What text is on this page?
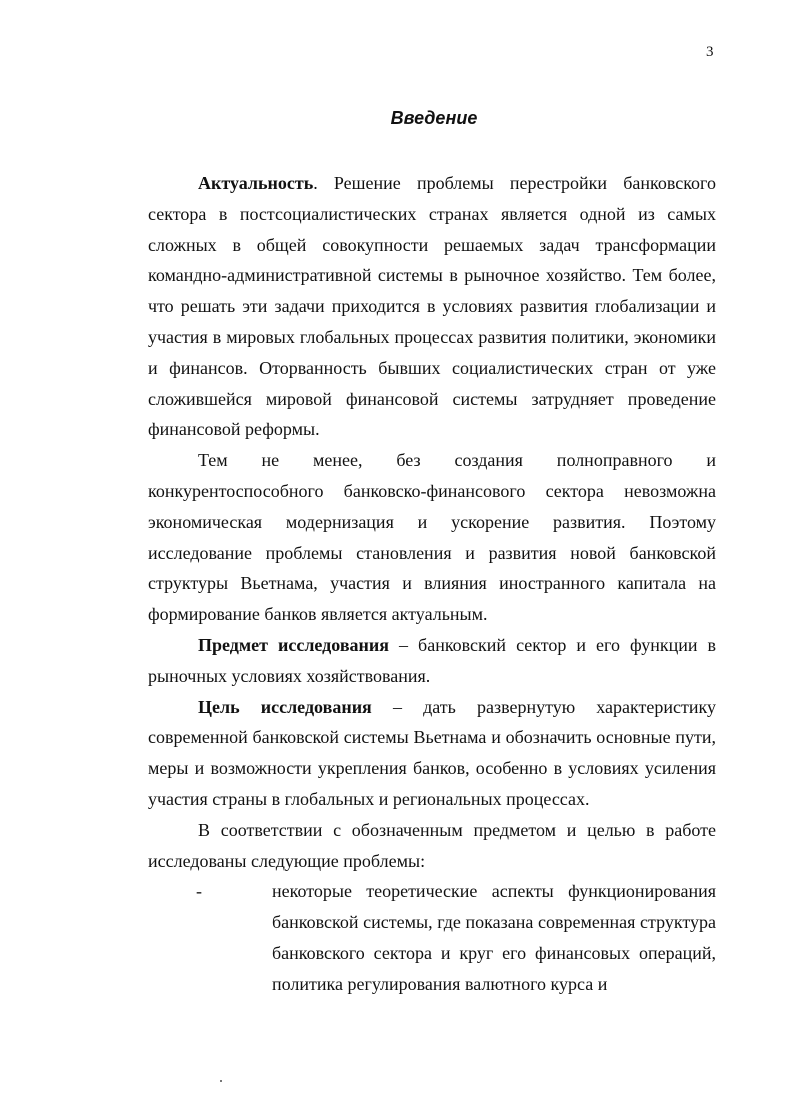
3
Введение

Актуальность. Решение проблемы перестройки банковского сектора в постсоциалистических странах является одной из самых сложных в общей совокупности решаемых задач трансформации командно-административной системы в рыночное хозяйство. Тем более, что решать эти задачи приходится в условиях развития глобализации и участия в мировых глобальных процессах развития политики, экономики и финансов. Оторванность бывших социалистических стран от уже сложившейся мировой финансовой системы затрудняет проведение финансовой реформы.

Тем не менее, без создания полноправного и конкурентоспособного банковско-финансового сектора невозможна экономическая модернизация и ускорение развития. Поэтому исследование проблемы становления и развития новой банковской структуры Вьетнама, участия и влияния иностранного капитала на формирование банков является актуальным.

Предмет исследования – банковский сектор и его функции в рыночных условиях хозяйствования.

Цель исследования – дать развернутую характеристику современной банковской системы Вьетнама и обозначить основные пути, меры и возможности укрепления банков, особенно в условиях усиления участия страны в глобальных и региональных процессах.

В соответствии с обозначенным предметом и целью в работе исследованы следующие проблемы:

-	некоторые теоретические аспекты функционирования банковской системы, где показана современная структура банковского сектора и круг его финансовых операций, политика регулирования валютного курса и
